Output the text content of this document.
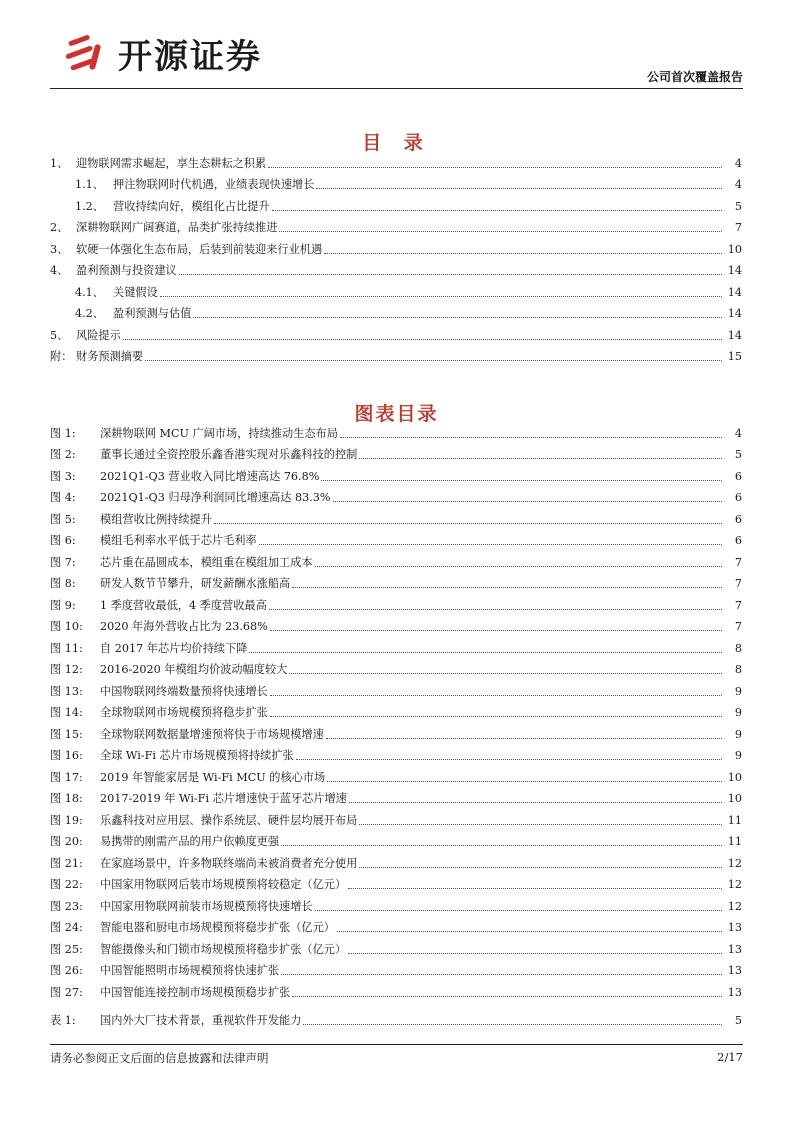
开源证券
公司首次覆盖报告
目 录
1、 迎物联网需求崛起，享生态耕耘之积累	4
1.1、 押注物联网时代机遇，业绩表现快速增长	4
1.2、 营收持续向好，模组化占比提升	5
2、 深耕物联网广阔赛道，品类扩张持续推进	7
3、 软硬一体强化生态布局，后装到前装迎来行业机遇	10
4、 盈利预测与投资建议	14
4.1、 关键假设	14
4.2、 盈利预测与估值	14
5、 风险提示	14
附： 财务预测摘要	15
图表目录
图 1:	深耕物联网 MCU 广阔市场，持续推动生态布局	4
图 2:	董事长通过全资控股乐鑫香港实现对乐鑫科技的控制	5
图 3:	2021Q1-Q3 营业收入同比增速高达 76.8%	6
图 4:	2021Q1-Q3 归母净利润同比增速高达 83.3%	6
图 5:	模组营收比例持续提升	6
图 6:	模组毛利率水平低于芯片毛利率	6
图 7:	芯片重在晶圆成本，模组重在模组加工成本	7
图 8:	研发人数节节攀升，研发薪酬水涨船高	7
图 9:	1 季度营收最低，4 季度营收最高	7
图 10:	2020 年海外营收占比为 23.68%	7
图 11:	自 2017 年芯片均价持续下降	8
图 12:	2016-2020 年模组均价波动幅度较大	8
图 13:	中国物联网终端数量预将快速增长	9
图 14:	全球物联网市场规模预将稳步扩张	9
图 15:	全球物联网数据量增速预将快于市场规模增速	9
图 16:	全球 Wi-Fi 芯片市场规模预将持续扩张	9
图 17:	2019 年智能家居是 Wi-Fi MCU 的核心市场	10
图 18:	2017-2019 年 Wi-Fi 芯片增速快于蓝牙芯片增速	10
图 19:	乐鑫科技对应用层、操作系统层、硬件层均展开布局	11
图 20:	易携带的刚需产品的用户依赖度更强	11
图 21:	在家庭场景中，许多物联终端尚未被消费者充分使用	12
图 22:	中国家用物联网后装市场规模预将较稳定（亿元）	12
图 23:	中国家用物联网前装市场规模预将快速增长	12
图 24:	智能电器和厨电市场规模预将稳步扩张（亿元）	13
图 25:	智能摄像头和门锁市场规模预将稳步扩张（亿元）	13
图 26:	中国智能照明市场规模预将快速扩张	13
图 27:	中国智能连接控制市场规模预稳步扩张	13
表 1:	国内外大厂技术背景，重视软件开发能力	5
请务必参阅正文后面的信息披露和法律声明	2/17
